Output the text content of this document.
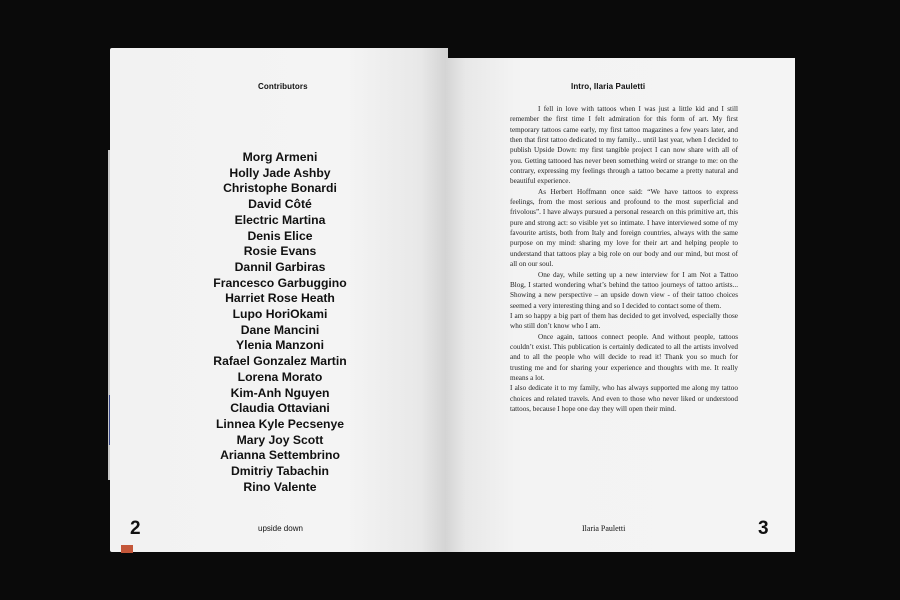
Contributors	Intro, Ilaria Pauletti
Morg Armeni
Holly Jade Ashby
Christophe Bonardi
David Côté
Electric Martina
Denis Elice
Rosie Evans
Dannil Garbiras
Francesco Garbuggino
Harriet Rose Heath
Lupo HoriOkami
Dane Mancini
Ylenia Manzoni
Rafael Gonzalez Martin
Lorena Morato
Kim-Anh Nguyen
Claudia Ottaviani
Linnea Kyle Pecsenye
Mary Joy Scott
Arianna Settembrino
Dmitriy Tabachin
Rino Valente

I fell in love with tattoos when I was just a little kid and I still remember the first time I felt admiration for this form of art. My first temporary tattoos came early, my first tattoo magazines a few years later, and then that first tattoo dedicated to my family... until last year, when I decided to publish Upside Down: my first tangible project I can now share with all of you. Getting tattooed has never been something weird or strange to me: on the contrary, expressing my feelings through a tattoo became a pretty natural and beautiful experience.

As Herbert Hoffmann once said: “We have tattoos to express feelings, from the most serious and profound to the most superficial and frivolous”. I have always pursued a personal research on this primitive art, this pure and strong act: so visible yet so intimate. I have interviewed some of my favourite artists, both from Italy and foreign countries, always with the same purpose on my mind: sharing my love for their art and helping people to understand that tattoos play a big role on our body and our mind, but most of all on our soul.

One day, while setting up a new interview for I am Not a Tattoo Blog, I started wondering what’s behind the tattoo journeys of tattoo artists... Showing a new perspective – an upside down view - of their tattoo choices seemed a very interesting thing and so I decided to contact some of them.

I am so happy a big part of them has decided to get involved, especially those who still don’t know who I am.

Once again, tattoos connect people. And without people, tattoos couldn’t exist. This publication is certainly dedicated to all the artists involved and to all the people who will decide to read it! Thank you so much for trusting me and for sharing your experience and thoughts with me. It really means a lot.

I also dedicate it to my family, who has always supported me along my tattoo choices and related travels. And even to those who never liked or understood tattoos, because I hope one day they will open their mind.

2	upside down	Ilaria Pauletti	3
